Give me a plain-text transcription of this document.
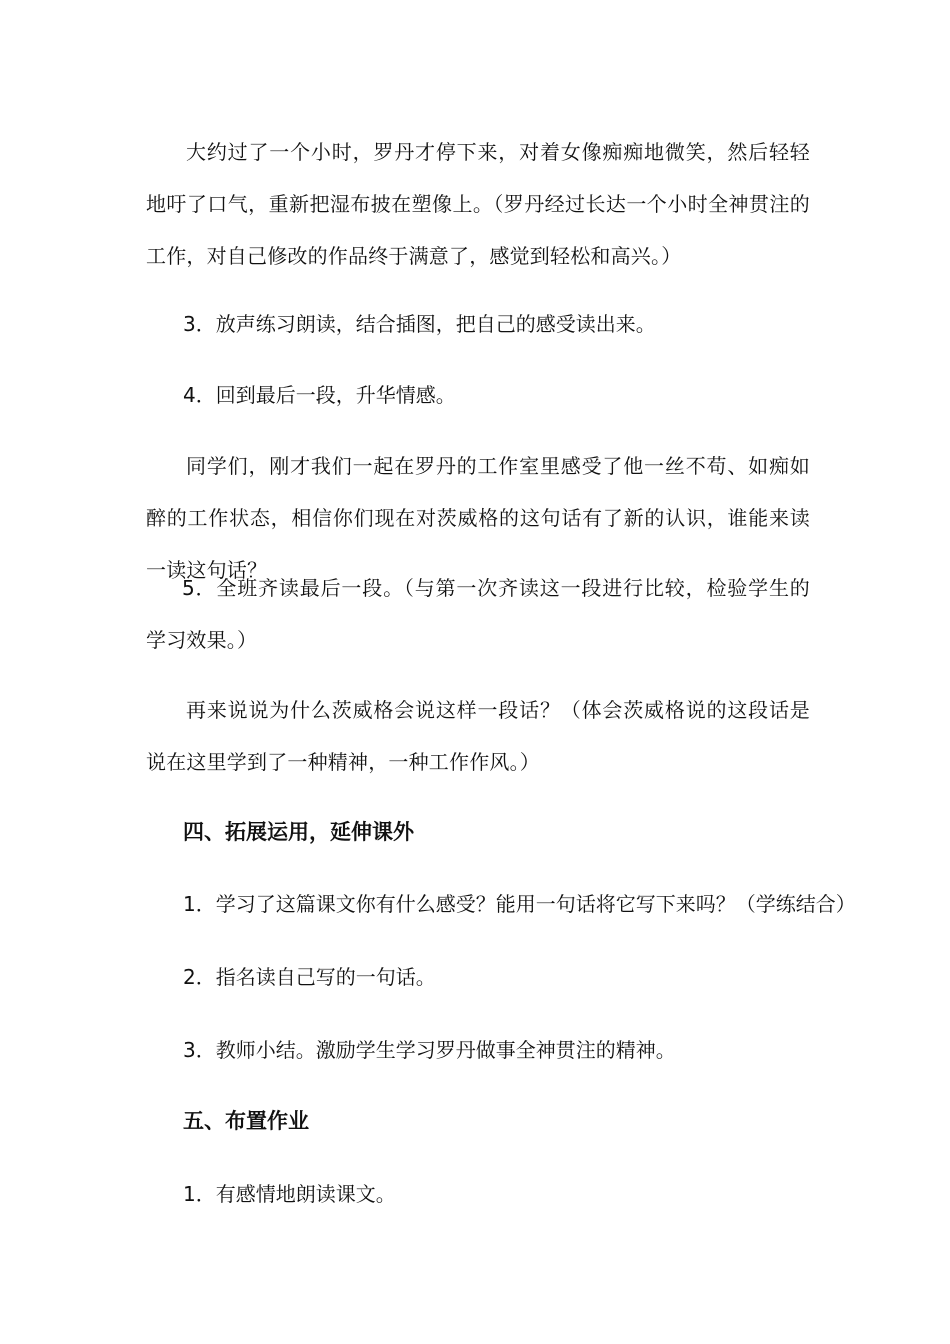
大约过了一个小时，罗丹才停下来，对着女像痴痴地微笑，然后轻轻地吁了口气，重新把湿布披在塑像上。（罗丹经过长达一个小时全神贯注的工作，对自己修改的作品终于满意了，感觉到轻松和高兴。）

3．放声练习朗读，结合插图，把自己的感受读出来。

4．回到最后一段，升华情感。

同学们，刚才我们一起在罗丹的工作室里感受了他一丝不苟、如痴如醉的工作状态，相信你们现在对茨威格的这句话有了新的认识，谁能来读一读这句话？

5．全班齐读最后一段。（与第一次齐读这一段进行比较，检验学生的学习效果。）

再来说说为什么茨威格会说这样一段话？（体会茨威格说的这段话是说在这里学到了一种精神，一种工作作风。）

四、拓展运用，延伸课外

1．学习了这篇课文你有什么感受？能用一句话将它写下来吗？（学练结合）

2．指名读自己写的一句话。

3．教师小结。激励学生学习罗丹做事全神贯注的精神。

五、布置作业

1．有感情地朗读课文。
